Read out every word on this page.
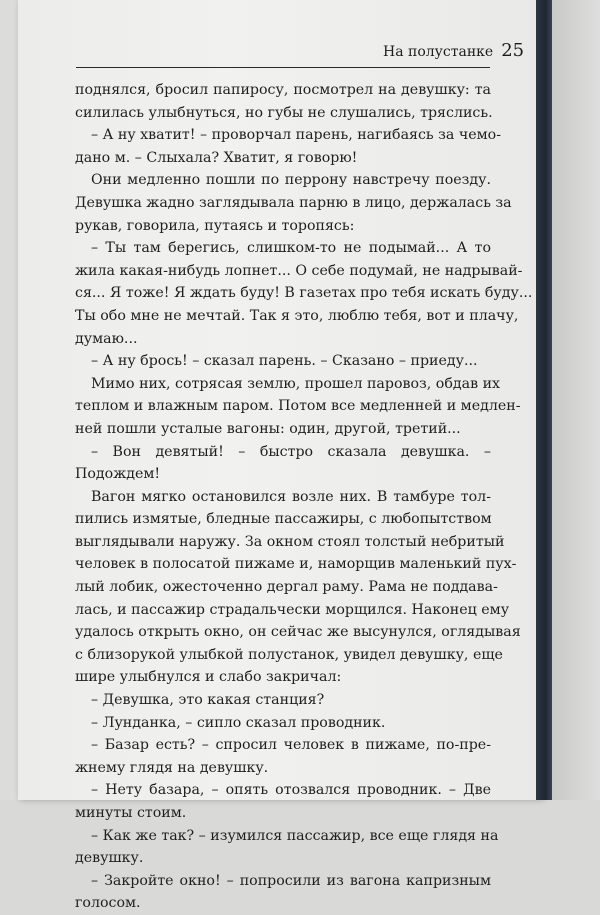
На полустанке 25
поднялся, бросил папиросу, посмотрел на девушку: та
силилась улыбнуться, но губы не слушались, тряслись.
– А ну хватит! – проворчал парень, нагибаясь за чемо-
дано м. – Слыхала? Хватит, я говорю!
Они медленно пошли по перрону навстречу поезду.
Девушка жадно заглядывала парню в лицо, держалась за
рукав, говорила, путаясь и торопясь:
– Ты там берегись, слишком-то не подымай... А то
жила какая-нибудь лопнет... О себе подумай, не надрывай-
ся... Я тоже! Я ждать буду! В газетах про тебя искать буду...
Ты обо мне не мечтай. Так я это, люблю тебя, вот и плачу,
думаю...
– А ну брось! – сказал парень. – Сказано – приеду...
Мимо них, сотрясая землю, прошел паровоз, обдав их
теплом и влажным паром. Потом все медленней и медлен-
ней пошли усталые вагоны: один, другой, третий...
– Вон девятый! – быстро сказала девушка. –
Подождем!
Вагон мягко остановился возле них. В тамбуре тол-
пились измятые, бледные пассажиры, с любопытством
выглядывали наружу. За окном стоял толстый небритый
человек в полосатой пижаме и, наморщив маленький пух-
лый лобик, ожесточенно дергал раму. Рама не поддава-
лась, и пассажир страдальчески морщился. Наконец ему
удалось открыть окно, он сейчас же высунулся, оглядывая
с близорукой улыбкой полустанок, увидел девушку, еще
шире улыбнулся и слабо закричал:
– Девушка, это какая станция?
– Лунданка, – сипло сказал проводник.
– Базар есть? – спросил человек в пижаме, по-пре-
жнему глядя на девушку.
– Нету базара, – опять отозвался проводник. – Две
минуты стоим.
– Как же так? – изумился пассажир, все еще глядя на
девушку.
– Закройте окно! – попросили из вагона капризным
голосом.
